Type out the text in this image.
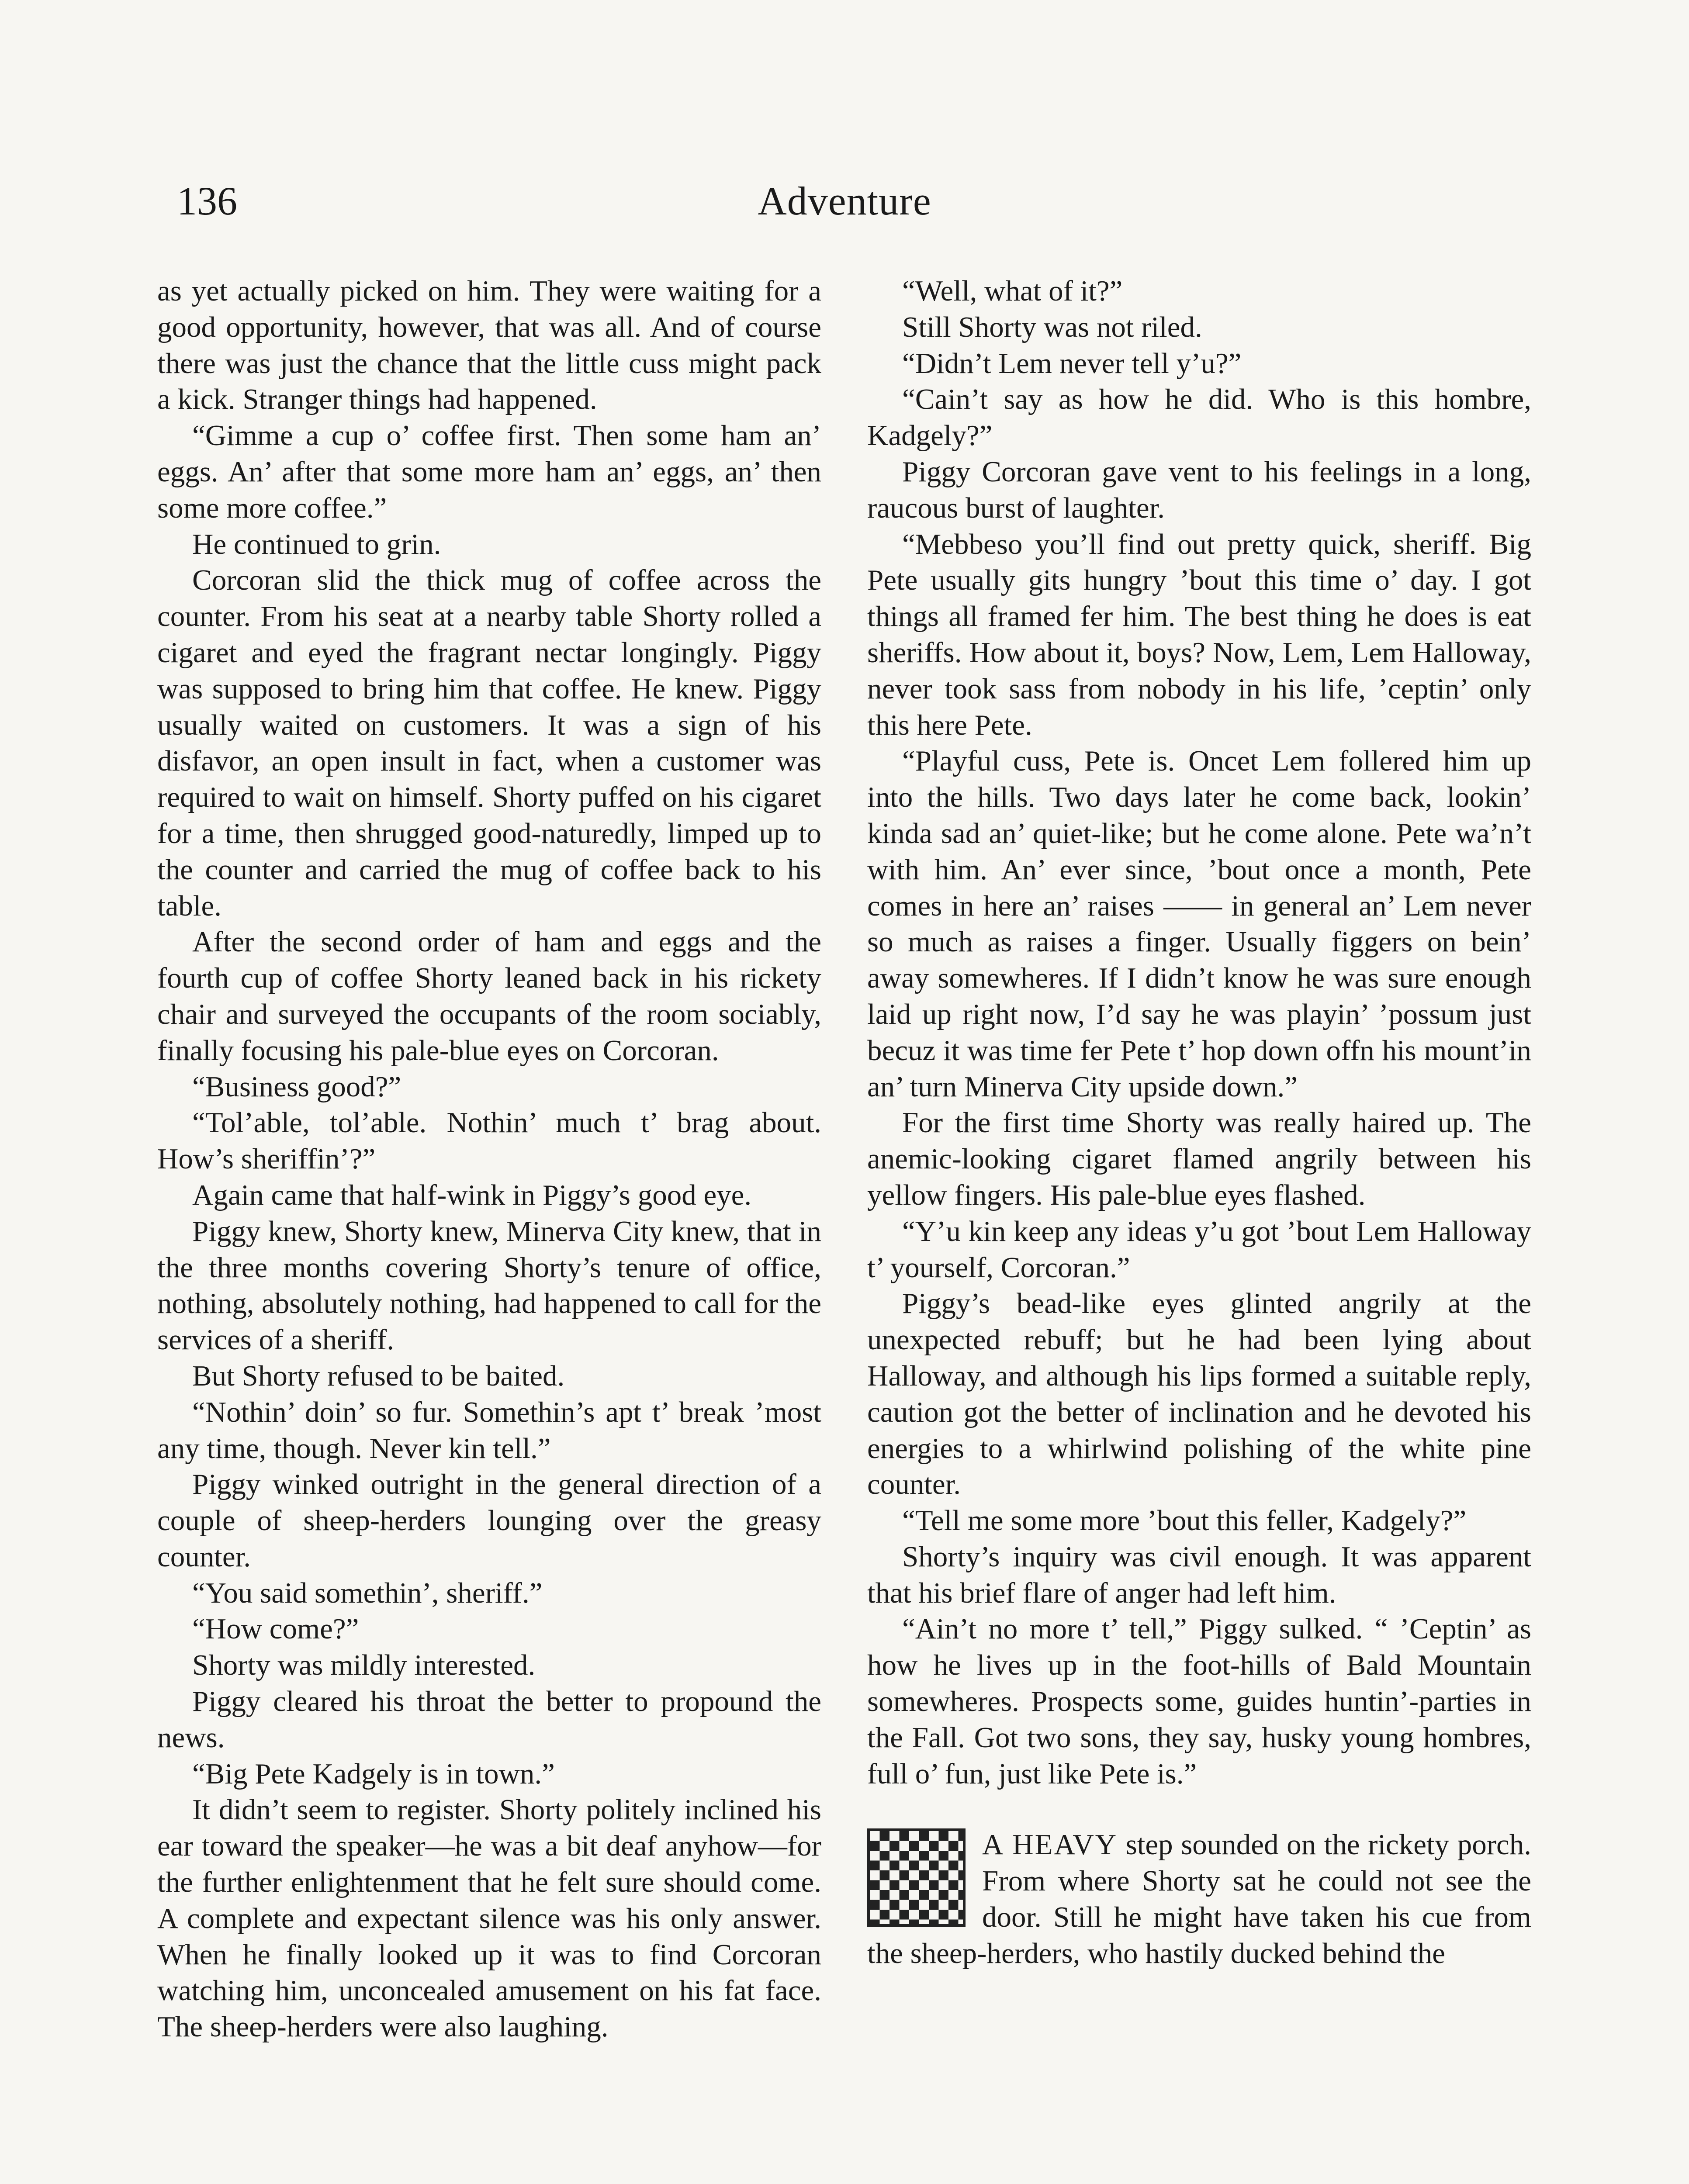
136	Adventure

as yet actually picked on him. They were waiting for a good opportunity, however, that was all. And of course there was just the chance that the little cuss might pack a kick. Stranger things had happened.

“Gimme a cup o’ coffee first. Then some ham an’ eggs. An’ after that some more ham an’ eggs, an’ then some more coffee.”

He continued to grin.

Corcoran slid the thick mug of coffee across the counter. From his seat at a nearby table Shorty rolled a cigaret and eyed the fragrant nectar longingly. Piggy was supposed to bring him that coffee. He knew. Piggy usually waited on customers. It was a sign of his disfavor, an open insult in fact, when a customer was required to wait on himself. Shorty puffed on his cigaret for a time, then shrugged good-naturedly, limped up to the counter and carried the mug of coffee back to his table.

After the second order of ham and eggs and the fourth cup of coffee Shorty leaned back in his rickety chair and surveyed the occupants of the room sociably, finally focusing his pale-blue eyes on Corcoran.

“Business good?”

“Tol’able, tol’able. Nothin’ much t’ brag about. How’s sheriffin’?”

Again came that half-wink in Piggy’s good eye.

Piggy knew, Shorty knew, Minerva City knew, that in the three months covering Shorty’s tenure of office, nothing, absolutely nothing, had happened to call for the services of a sheriff.

But Shorty refused to be baited.

“Nothin’ doin’ so fur. Somethin’s apt t’ break ’most any time, though. Never kin tell.”

Piggy winked outright in the general direction of a couple of sheep-herders lounging over the greasy counter.

“You said somethin’, sheriff.”

“How come?”

Shorty was mildly interested.

Piggy cleared his throat the better to propound the news.

“Big Pete Kadgely is in town.”

It didn’t seem to register. Shorty politely inclined his ear toward the speaker—he was a bit deaf anyhow—for the further enlightenment that he felt sure should come. A complete and expectant silence was his only answer. When he finally looked up it was to find Corcoran watching him, unconcealed amusement on his fat face. The sheep-herders were also laughing.

“Well, what of it?”

Still Shorty was not riled.

“Didn’t Lem never tell y’u?”

“Cain’t say as how he did. Who is this hombre, Kadgely?”

Piggy Corcoran gave vent to his feelings in a long, raucous burst of laughter.

“Mebbeso you’ll find out pretty quick, sheriff. Big Pete usually gits hungry ’bout this time o’ day. I got things all framed fer him. The best thing he does is eat sheriffs. How about it, boys? Now, Lem, Lem Halloway, never took sass from nobody in his life, ’ceptin’ only this here Pete.

“Playful cuss, Pete is. Oncet Lem follered him up into the hills. Two days later he come back, lookin’ kinda sad an’ quiet-like; but he come alone. Pete wa’n’t with him. An’ ever since, ’bout once a month, Pete comes in here an’ raises —— in general an’ Lem never so much as raises a finger. Usually figgers on bein’ away somewheres. If I didn’t know he was sure enough laid up right now, I’d say he was playin’ ’possum just becuz it was time fer Pete t’ hop down offn his mount’in an’ turn Minerva City upside down.”

For the first time Shorty was really haired up. The anemic-looking cigaret flamed angrily between his yellow fingers. His pale-blue eyes flashed.

“Y’u kin keep any ideas y’u got ’bout Lem Halloway t’ yourself, Corcoran.”

Piggy’s bead-like eyes glinted angrily at the unexpected rebuff; but he had been lying about Halloway, and although his lips formed a suitable reply, caution got the better of inclination and he devoted his energies to a whirlwind polishing of the white pine counter.

“Tell me some more ’bout this feller, Kadgely?”

Shorty’s inquiry was civil enough. It was apparent that his brief flare of anger had left him.

“Ain’t no more t’ tell,” Piggy sulked. “ ’Ceptin’ as how he lives up in the foot-hills of Bald Mountain somewheres. Prospects some, guides huntin’-parties in the Fall. Got two sons, they say, husky young hombres, full o’ fun, just like Pete is.”

A HEAVY step sounded on the rickety porch. From where Shorty sat he could not see the door. Still he might have taken his cue from the sheep-herders, who hastily ducked behind the
